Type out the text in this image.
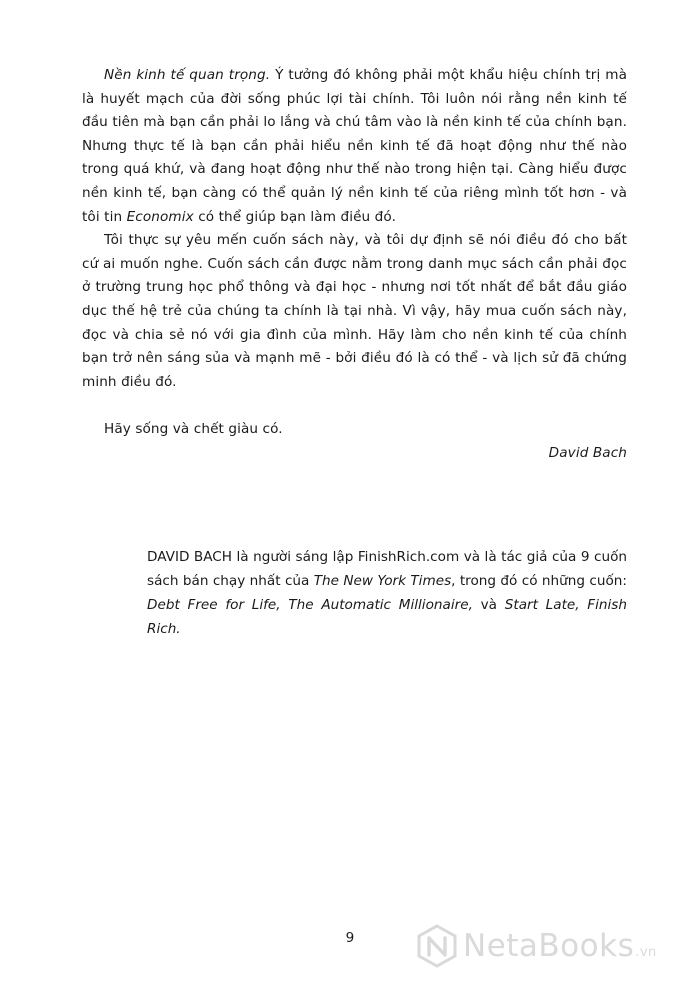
Nền kinh tế quan trọng. Ý tưởng đó không phải một khẩu hiệu chính trị mà là huyết mạch của đời sống phúc lợi tài chính. Tôi luôn nói rằng nền kinh tế đầu tiên mà bạn cần phải lo lắng và chú tâm vào là nền kinh tế của chính bạn. Nhưng thực tế là bạn cần phải hiểu nền kinh tế đã hoạt động như thế nào trong quá khứ, và đang hoạt động như thế nào trong hiện tại. Càng hiểu được nền kinh tế, bạn càng có thể quản lý nền kinh tế của riêng mình tốt hơn - và tôi tin Economix có thể giúp bạn làm điều đó.

Tôi thực sự yêu mến cuốn sách này, và tôi dự định sẽ nói điều đó cho bất cứ ai muốn nghe. Cuốn sách cần được nằm trong danh mục sách cần phải đọc ở trường trung học phổ thông và đại học - nhưng nơi tốt nhất để bắt đầu giáo dục thế hệ trẻ của chúng ta chính là tại nhà. Vì vậy, hãy mua cuốn sách này, đọc và chia sẻ nó với gia đình của mình. Hãy làm cho nền kinh tế của chính bạn trở nên sáng sủa và mạnh mẽ - bởi điều đó là có thể - và lịch sử đã chứng minh điều đó.

Hãy sống và chết giàu có.

David Bach

DAVID BACH là người sáng lập FinishRich.com và là tác giả của 9 cuốn sách bán chạy nhất của The New York Times, trong đó có những cuốn: Debt Free for Life, The Automatic Millionaire, và Start Late, Finish Rich.

9	NetaBooks .vn
